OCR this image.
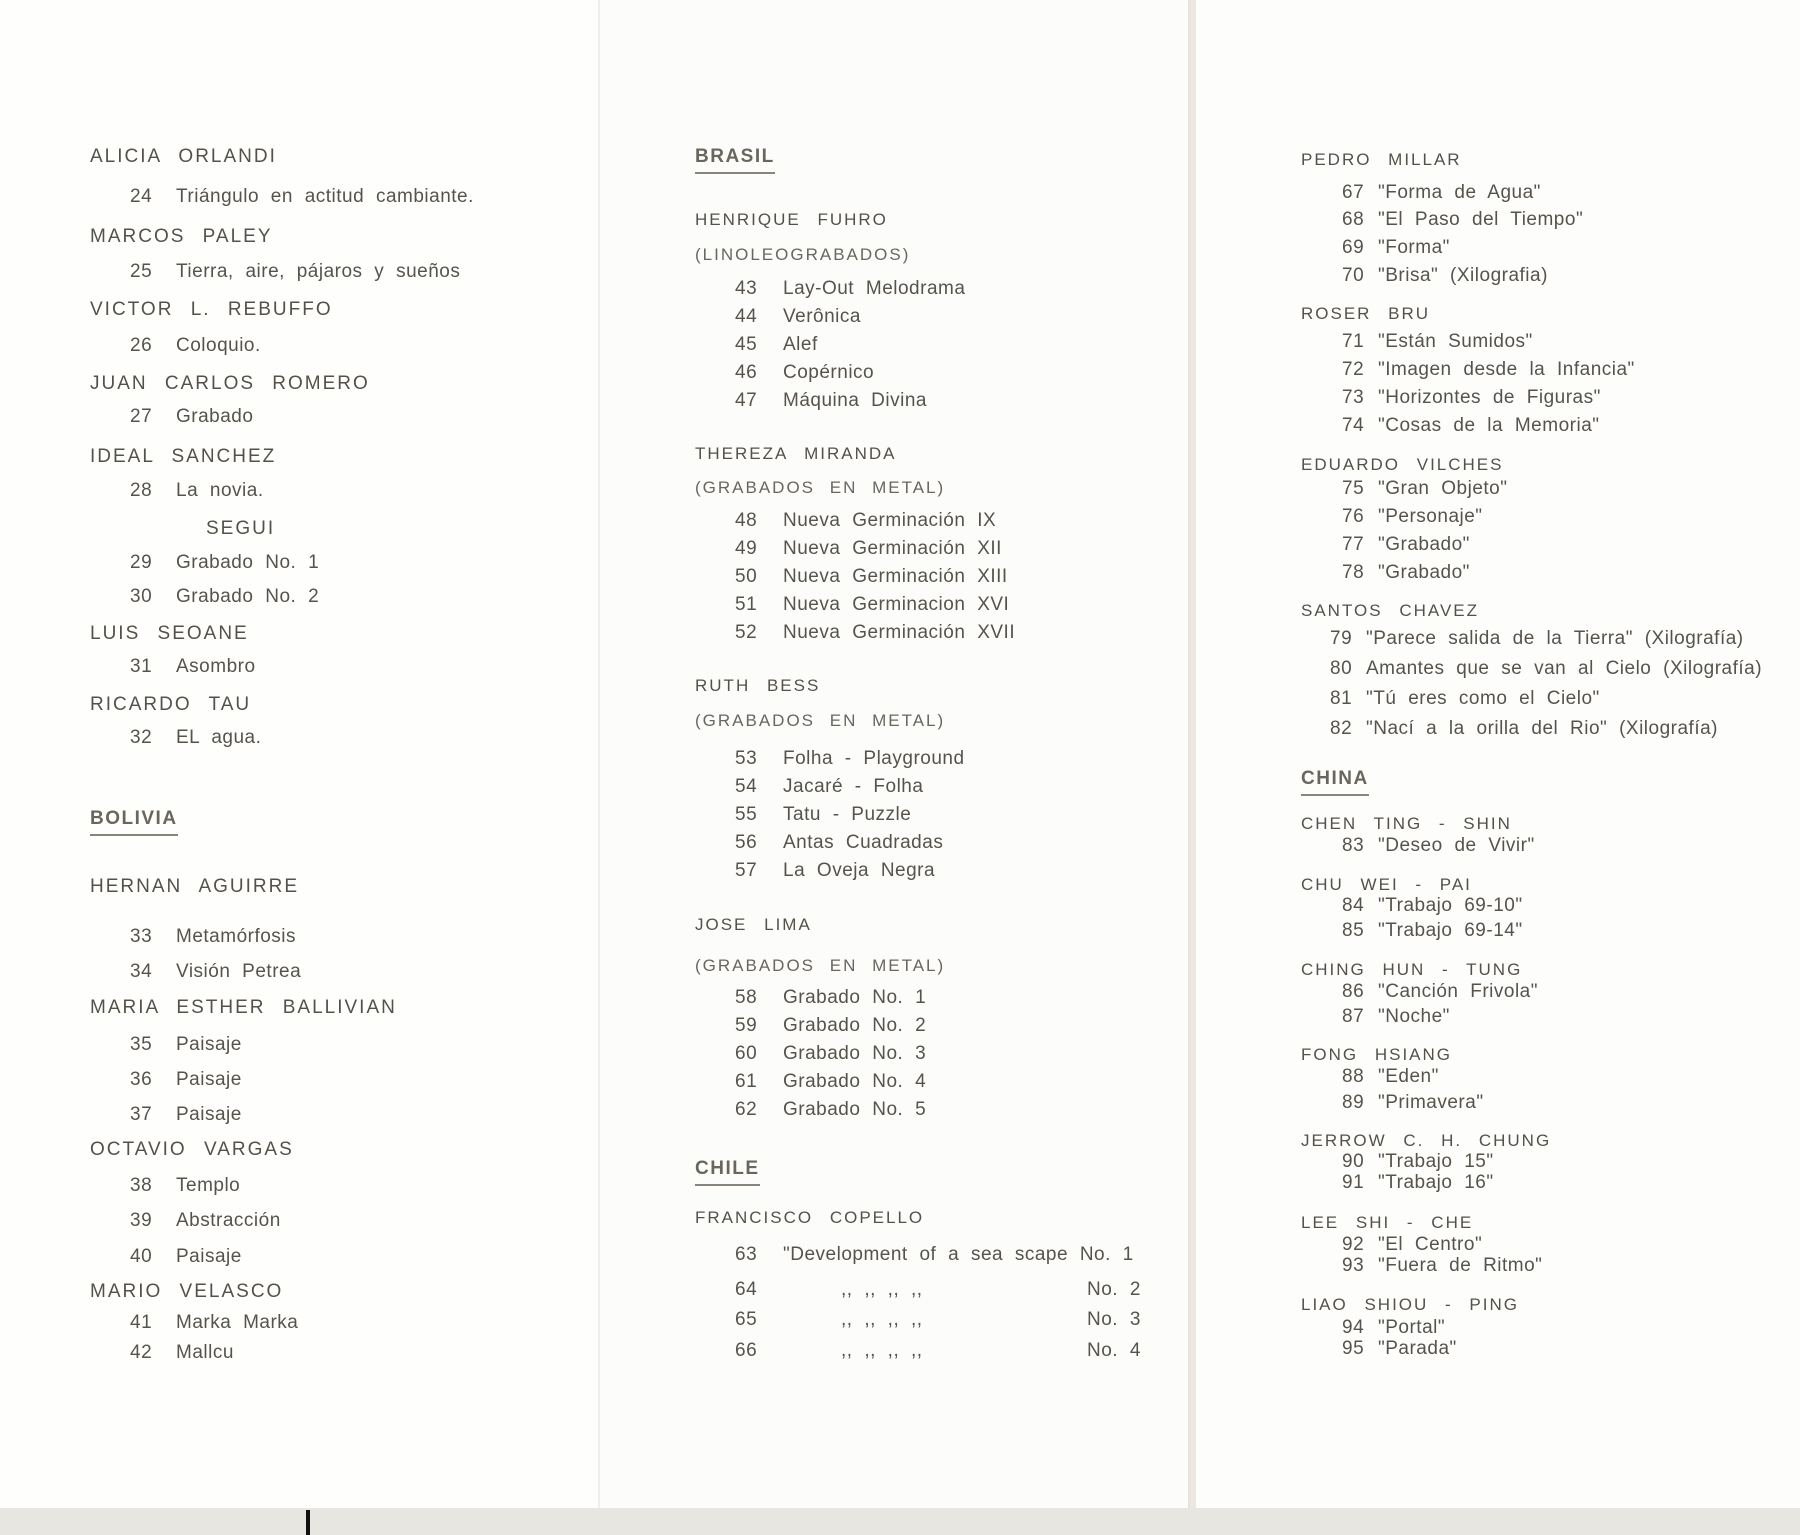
ALICIA ORLANDI
24 Triángulo en actitud cambiante.
MARCOS PALEY
25 Tierra, aire, pájaros y sueños
VICTOR L. REBUFFO
26 Coloquio.
JUAN CARLOS ROMERO
27 Grabado
IDEAL SANCHEZ
28 La novia.
SEGUI
29 Grabado No. 1
30 Grabado No. 2
LUIS SEOANE
31 Asombro
RICARDO TAU
32 EL agua.
BOLIVIA
HERNAN AGUIRRE
33 Metamórfosis
34 Visión Petrea
MARIA ESTHER BALLIVIAN
35 Paisaje
36 Paisaje
37 Paisaje
OCTAVIO VARGAS
38 Templo
39 Abstracción
40 Paisaje
MARIO VELASCO
41 Marka Marka
42 Mallcu
BRASIL
HENRIQUE FUHRO
(LINOLEOGRABADOS)
43 Lay-Out Melodrama
44 Verônica
45 Alef
46 Copérnico
47 Máquina Divina
THEREZA MIRANDA
(GRABADOS EN METAL)
48 Nueva Germinación IX
49 Nueva Germinación XII
50 Nueva Germinación XIII
51 Nueva Germinacion XVI
52 Nueva Germinación XVII
RUTH BESS
(GRABADOS EN METAL)
53 Folha - Playground
54 Jacaré - Folha
55 Tatu - Puzzle
56 Antas Cuadradas
57 La Oveja Negra
JOSE LIMA
(GRABADOS EN METAL)
58 Grabado No. 1
59 Grabado No. 2
60 Grabado No. 3
61 Grabado No. 4
62 Grabado No. 5
CHILE
FRANCISCO COPELLO
63 "Development of a sea scape No. 1
64	,, ,, ,, ,,	No. 2
65	,, ,, ,, ,,	No. 3
66	,, ,, ,, ,,	No. 4
PEDRO MILLAR
67 "Forma de Agua"
68 "El Paso del Tiempo"
69 "Forma"
70 "Brisa" (Xilografia)
ROSER BRU
71 "Están Sumidos"
72 "Imagen desde la Infancia"
73 "Horizontes de Figuras"
74 "Cosas de la Memoria"
EDUARDO VILCHES
75 "Gran Objeto"
76 "Personaje"
77 "Grabado"
78 "Grabado"
SANTOS CHAVEZ
79 "Parece salida de la Tierra" (Xilografía)
80 Amantes que se van al Cielo (Xilografía)
81 "Tú eres como el Cielo"
82 "Nací a la orilla del Rio" (Xilografía)
CHINA
CHEN TING - SHIN
83 "Deseo de Vivir"
CHU WEI - PAI
84 "Trabajo 69-10"
85 "Trabajo 69-14"
CHING HUN - TUNG
86 "Canción Frivola"
87 "Noche"
FONG HSIANG
88 "Eden"
89 "Primavera"
JERROW C. H. CHUNG
90 "Trabajo 15"
91 "Trabajo 16"
LEE SHI - CHE
92 "El Centro"
93 "Fuera de Ritmo"
LIAO SHIOU - PING
94 "Portal"
95 "Parada"
